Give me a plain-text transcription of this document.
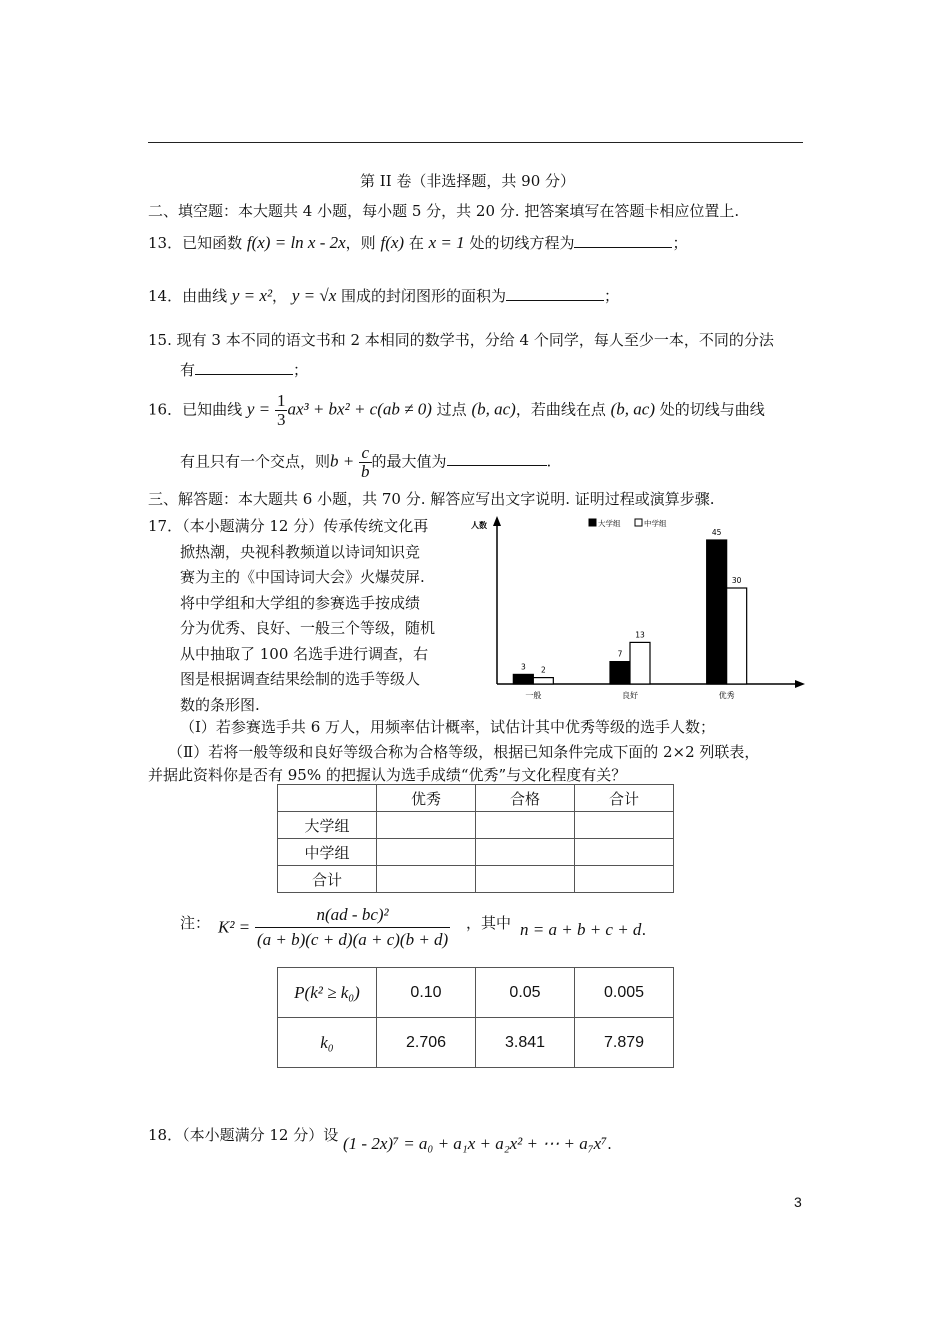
第 II 卷（非选择题，共 90 分）
二、填空题：本大题共 4 小题，每小题 5 分，共 20 分. 把答案填写在答题卡相应位置上.
13．已知函数 f(x) = ln x - 2x，则 f(x) 在 x = 1 处的切线方程为	；
14．由曲线 y = x²， y = √x 围成的封闭图形的面积为	；
15. 现有 3 本不同的语文书和 2 本相同的数学书，分给 4 个同学，每人至少一本，不同的分法
有	；
16．已知曲线 $y = \frac{1}{3} ax^3 + bx^2 + c(ab \ne 0)$ 过点 (b, ac)，若曲线在点 (b, ac) 处的切线与曲线
有且只有一个交点，则$b + \frac{c}{b}$ 的最大值为	.
三、解答题：本大题共 6 小题，共 70 分. 解答应写出文字说明. 证明过程或演算步骤.
17．（本小题满分 12 分）传承传统文化再
掀热潮，央视科教频道以诗词知识竞
赛为主的《中国诗词大会》火爆荧屏.
将中学组和大学组的参赛选手按成绩
分为优秀、良好、一般三个等级，随机
从中抽取了 100 名选手进行调查，右
图是根据调查结果绘制的选手等级人
数的条形图.
人数	大学组	中学组
3 2
一般
7
13
良好
45
30
优秀
（Ⅰ）若参赛选手共 6 万人，用频率估计概率，试估计其中优秀等级的选手人数；
（Ⅱ）若将一般等级和良好等级合称为合格等级，根据已知条件完成下面的 2×2 列联表，
并据此资料你是否有 95% 的把握认为选手成绩“优秀”与文化程度有关？
	优秀	合格	合计
大学组			
中学组			
合计			
注： $K^2 = \frac{\text{n(ad - bc)²}}{(a + b)(c + d)(a + c)(b + d)}$ ，其中 n = a + b + c + d.
P(k² ≥ k₀)	0.10	0.05	0.005
k₀	2.706	3.841	7.879
18．（本小题满分 12 分）设 (1 - 2x)⁷ = a₀ + a₁x + a₂x² + ⋯ + a₇x⁷.
3
